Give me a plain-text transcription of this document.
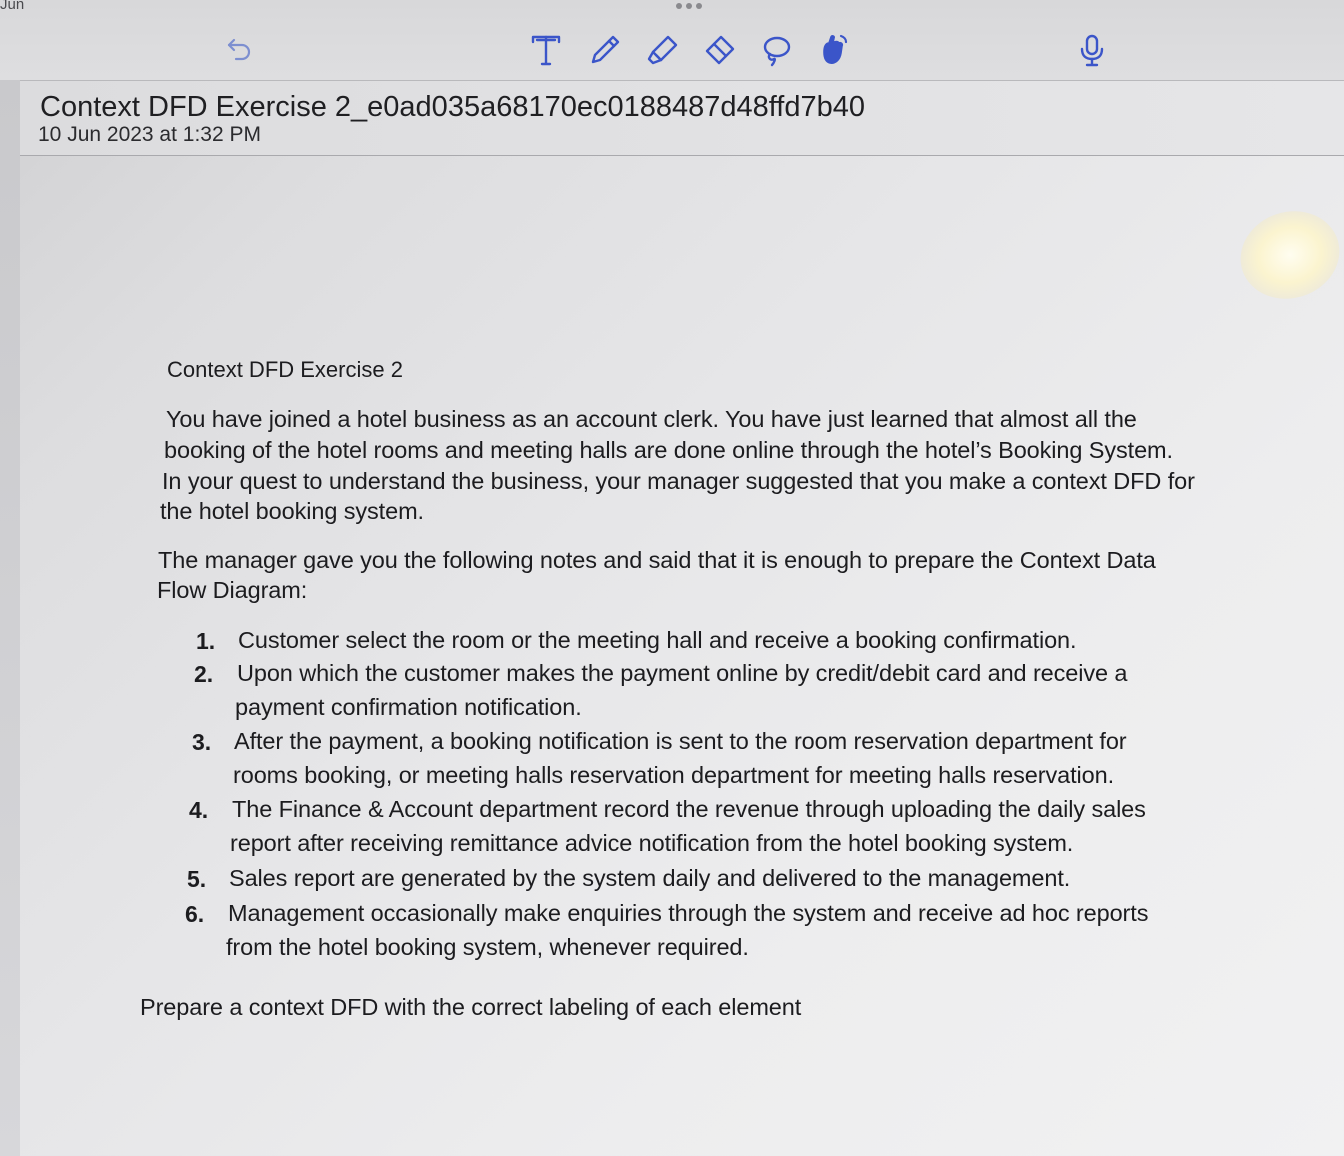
Jun
Context DFD Exercise 2_e0ad035a68170ec0188487d48ffd7b40
10 Jun 2023 at 1:32 PM
Context DFD Exercise 2
You have joined a hotel business as an account clerk. You have just learned that almost all the
booking of the hotel rooms and meeting halls are done online through the hotel’s Booking System.
In your quest to understand the business, your manager suggested that you make a context DFD for
the hotel booking system.
The manager gave you the following notes and said that it is enough to prepare the Context Data
Flow Diagram:
1. Customer select the room or the meeting hall and receive a booking confirmation.
2. Upon which the customer makes the payment online by credit/debit card and receive a
payment confirmation notification.
3. After the payment, a booking notification is sent to the room reservation department for
rooms booking, or meeting halls reservation department for meeting halls reservation.
4. The Finance & Account department record the revenue through uploading the daily sales
report after receiving remittance advice notification from the hotel booking system.
5. Sales report are generated by the system daily and delivered to the management.
6. Management occasionally make enquiries through the system and receive ad hoc reports
from the hotel booking system, whenever required.
Prepare a context DFD with the correct labeling of each element
